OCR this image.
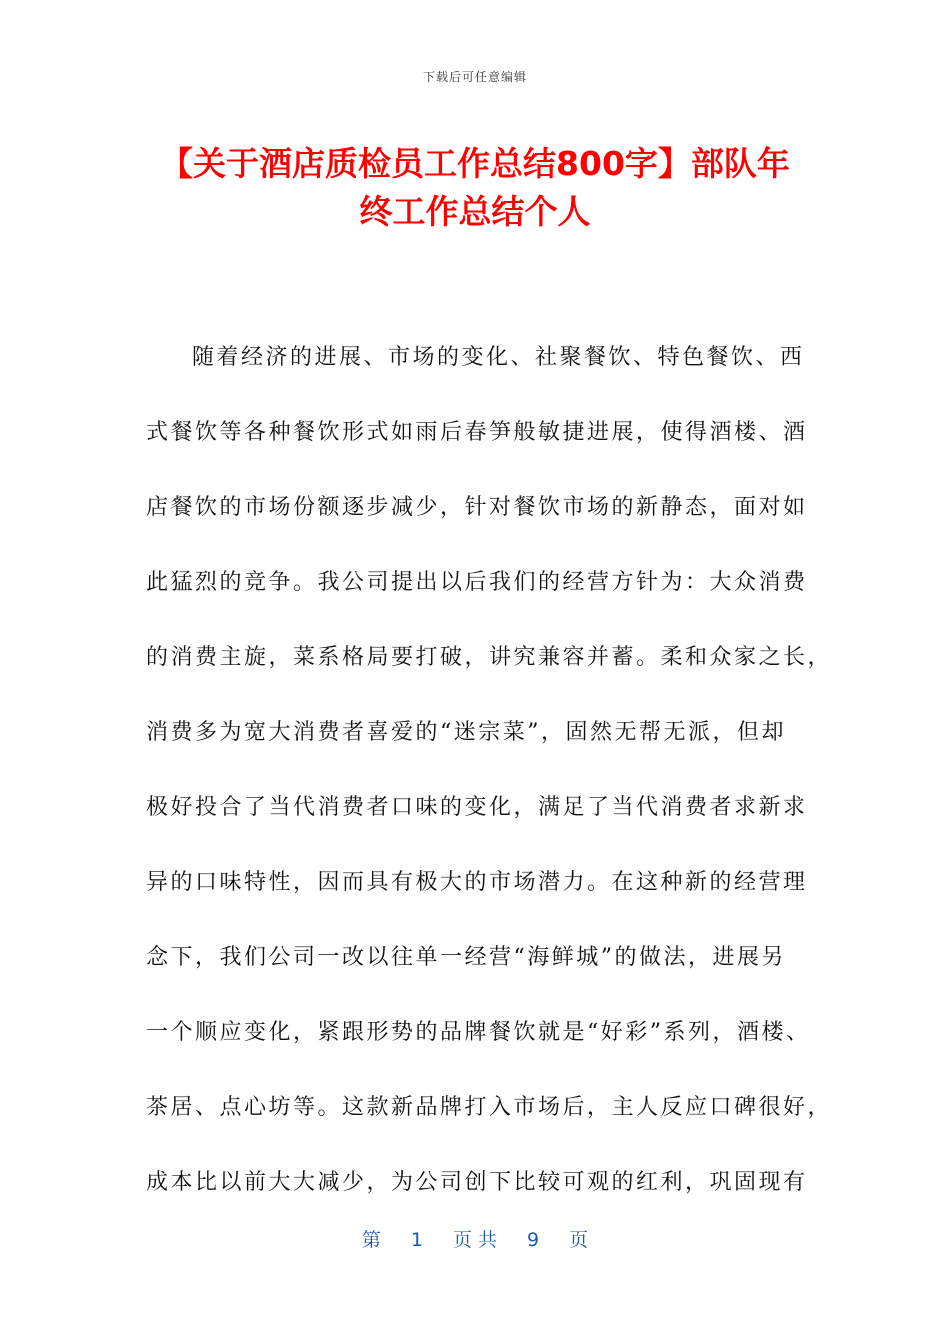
下载后可任意编辑
【关于酒店质检员工作总结800字】部队年
终工作总结个人
随着经济的进展、市场的变化、社聚餐饮、特色餐饮、西
式餐饮等各种餐饮形式如雨后春笋般敏捷进展，使得酒楼、酒
店餐饮的市场份额逐步减少，针对餐饮市场的新静态，面对如
此猛烈的竞争。我公司提出以后我们的经营方针为：大众消费
的消费主旋，菜系格局要打破，讲究兼容并蓄。柔和众家之长，
消费多为宽大消费者喜爱的“迷宗菜”，固然无帮无派，但却
极好投合了当代消费者口味的变化，满足了当代消费者求新求
异的口味特性，因而具有极大的市场潜力。在这种新的经营理
念下，我们公司一改以往单一经营“海鲜城”的做法，进展另
一个顺应变化，紧跟形势的品牌餐饮就是“好彩”系列，酒楼、
茶居、点心坊等。这款新品牌打入市场后，主人反应口碑很好，
成本比以前大大减少，为公司创下比较可观的红利，巩固现有
第 1 页 共 9 页
